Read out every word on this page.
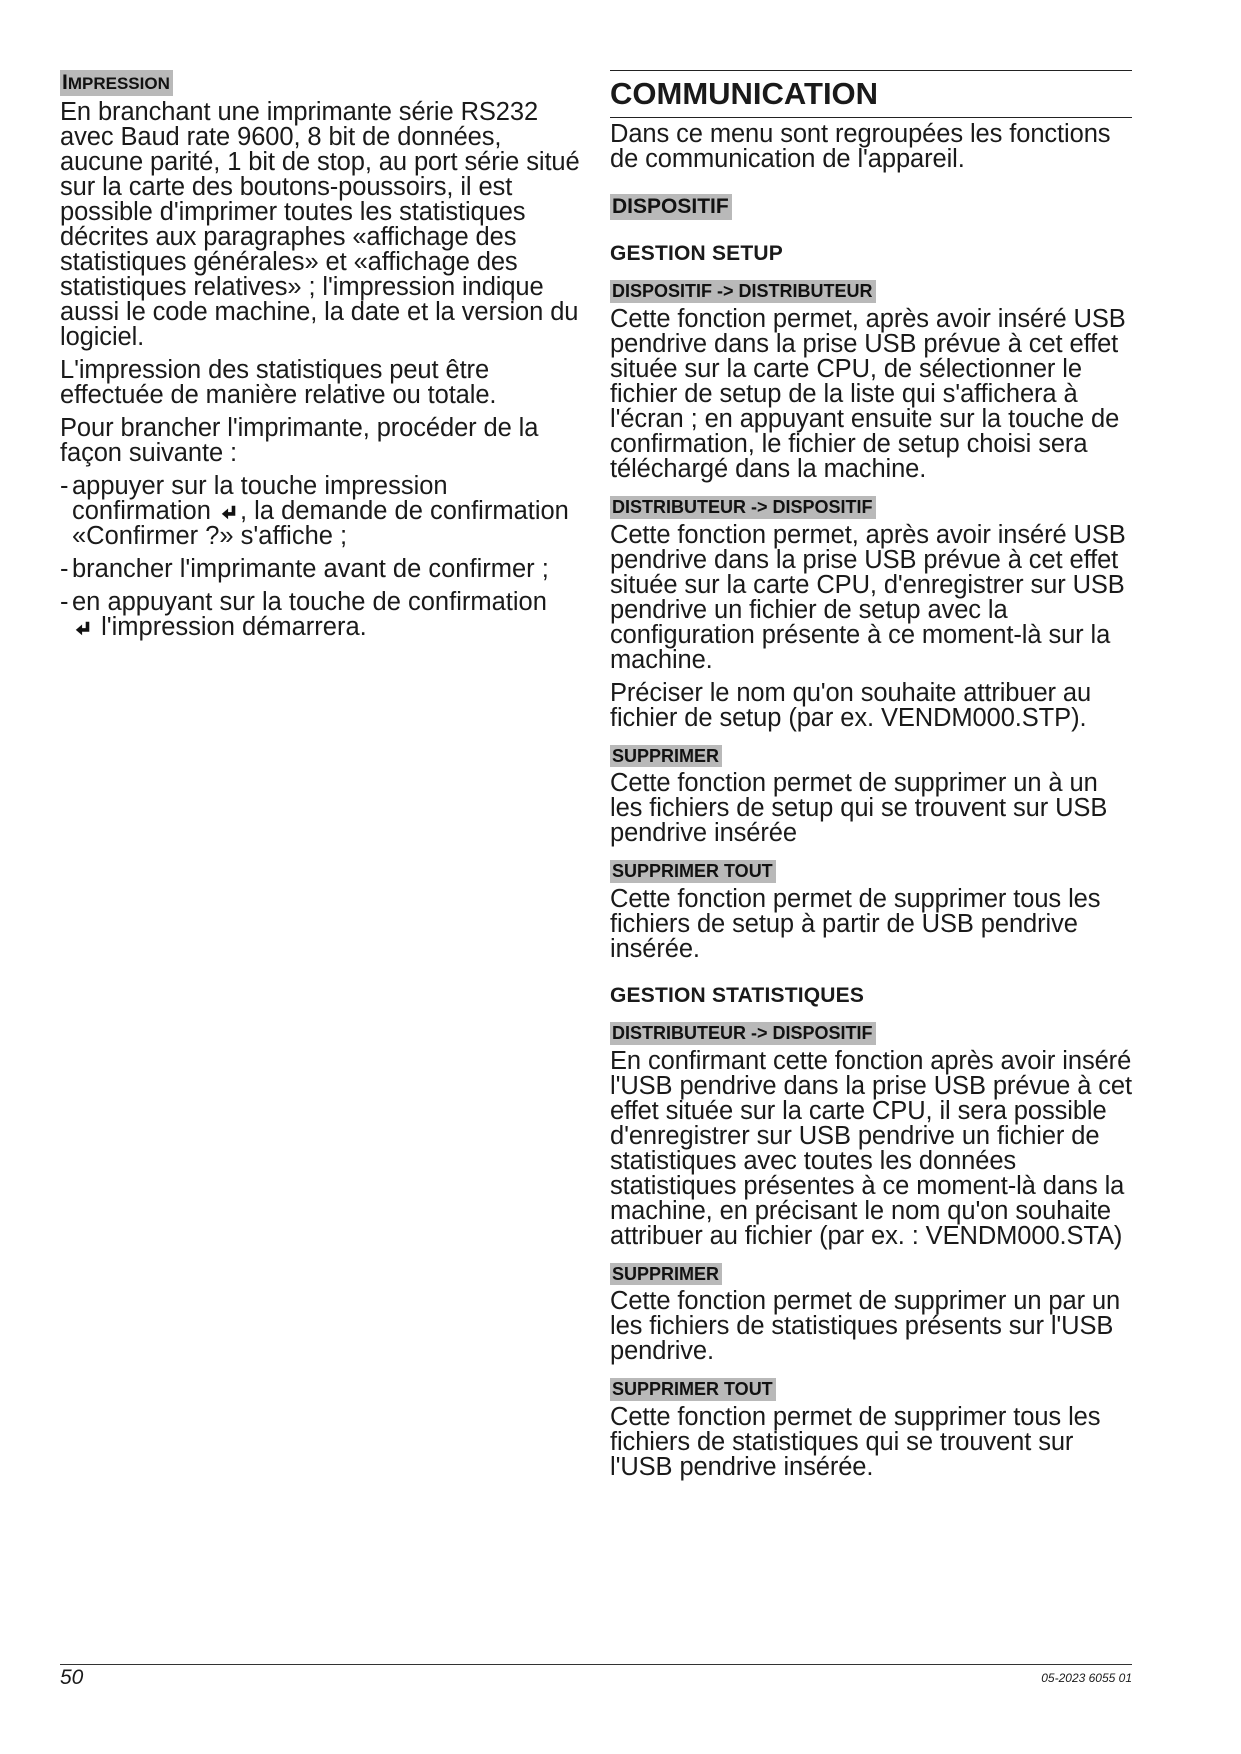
IMPRESSION

En branchant une imprimante série RS232 avec Baud rate 9600, 8 bit de données, aucune parité, 1 bit de stop, au port série situé sur la carte des boutons-poussoirs, il est possible d'imprimer toutes les statistiques décrites aux paragraphes «affichage des statistiques générales» et «affichage des statistiques relatives» ; l'impression indique aussi le code machine, la date et la version du logiciel.

L'impression des statistiques peut être effectuée de manière relative ou totale.

Pour brancher l'imprimante, procéder de la façon suivante :

- appuyer sur la touche impression confirmation , la demande de confirmation «Confirmer ?» s'affiche ;
- brancher l'imprimante avant de confirmer ;
- en appuyant sur la touche de confirmation
l'impression démarrera.
COMMUNICATION

Dans ce menu sont regroupées les fonctions de communication de l'appareil.

DISPOSITIF
GESTION SETUP
DISPOSITIF -> DISTRIBUTEUR

Cette fonction permet, après avoir inséré USB pendrive dans la prise USB prévue à cet effet située sur la carte CPU, de sélectionner le fichier de setup de la liste qui s'affichera à l'écran ; en appuyant ensuite sur la touche de confirmation, le fichier de setup choisi sera téléchargé dans la machine.

DISTRIBUTEUR -> DISPOSITIF

Cette fonction permet, après avoir inséré USB pendrive dans la prise USB prévue à cet effet située sur la carte CPU, d'enregistrer sur USB pendrive un fichier de setup avec la configuration présente à ce moment-là sur la machine.

Préciser le nom qu'on souhaite attribuer au fichier de setup (par ex. VENDM000.STP).

SUPPRIMER

Cette fonction permet de supprimer un à un les fichiers de setup qui se trouvent sur USB pendrive insérée

SUPPRIMER TOUT

Cette fonction permet de supprimer tous les fichiers de setup à partir de USB pendrive insérée.

GESTION STATISTIQUES
DISTRIBUTEUR -> DISPOSITIF

En confirmant cette fonction après avoir inséré l'USB pendrive dans la prise USB prévue à cet effet située sur la carte CPU, il sera possible d'enregistrer sur USB pendrive un fichier de statistiques avec toutes les données statistiques présentes à ce moment-là dans la machine, en précisant le nom qu'on souhaite attribuer au fichier (par ex. : VENDM000.STA)

SUPPRIMER

Cette fonction permet de supprimer un par un les fichiers de statistiques présents sur l'USB pendrive.

SUPPRIMER TOUT

Cette fonction permet de supprimer tous les fichiers de statistiques qui se trouvent sur l'USB pendrive insérée.

50	05-2023 6055 01
